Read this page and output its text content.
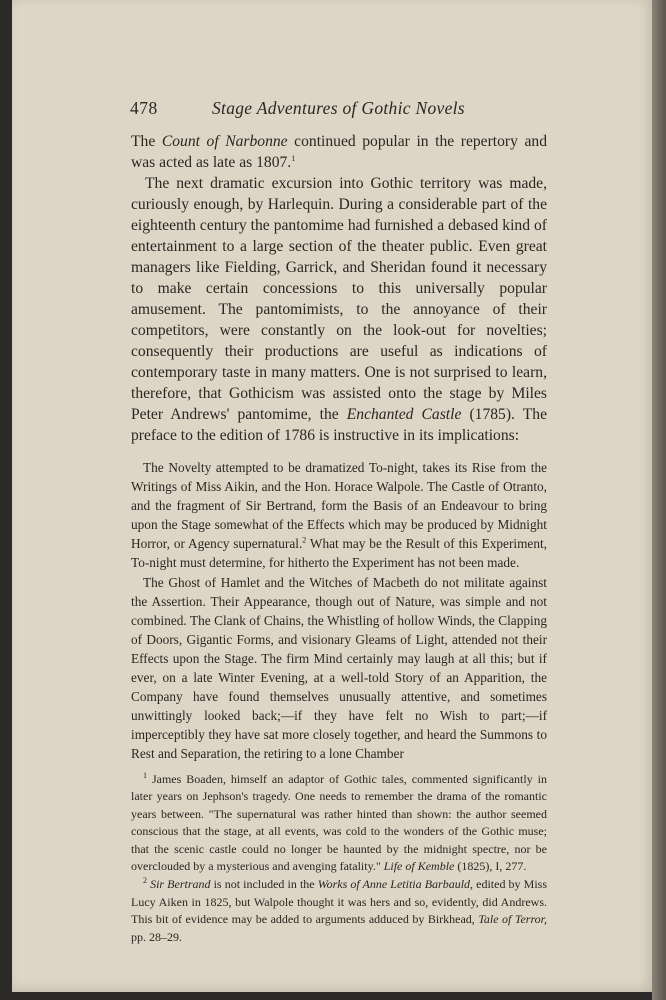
478	Stage Adventures of Gothic Novels

The Count of Narbonne continued popular in the repertory and was acted as late as 1807.$^1$

The next dramatic excursion into Gothic territory was made, curiously enough, by Harlequin. During a considerable part of the eighteenth century the pantomime had furnished a debased kind of entertainment to a large section of the theater public. Even great managers like Fielding, Garrick, and Sheridan found it necessary to make certain concessions to this universally popular amusement. The pantomimists, to the annoyance of their competitors, were constantly on the look-out for novelties; consequently their productions are useful as indications of contemporary taste in many matters. One is not surprised to learn, therefore, that Gothicism was assisted onto the stage by Miles Peter Andrews' pantomime, the Enchanted Castle (1785). The preface to the edition of 1786 is instructive in its implications:

The Novelty attempted to be dramatized To-night, takes its Rise from the Writings of Miss Aikin, and the Hon. Horace Walpole. The Castle of Otranto, and the fragment of Sir Bertrand, form the Basis of an Endeavour to bring upon the Stage somewhat of the Effects which may be produced by Midnight Horror, or Agency supernatural.$^2$ What may be the Result of this Experiment, To-night must determine, for hitherto the Experiment has not been made.

The Ghost of Hamlet and the Witches of Macbeth do not militate against the Assertion. Their Appearance, though out of Nature, was simple and not combined. The Clank of Chains, the Whistling of hollow Winds, the Clapping of Doors, Gigantic Forms, and visionary Gleams of Light, attended not their Effects upon the Stage. The firm Mind certainly may laugh at all this; but if ever, on a late Winter Evening, at a well-told Story of an Apparition, the Company have found themselves unusually attentive, and sometimes unwittingly looked back;—if they have felt no Wish to part;—if imperceptibly they have sat more closely together, and heard the Summons to Rest and Separation, the retiring to a lone Chamber

$^1$ James Boaden, himself an adaptor of Gothic tales, commented significantly in later years on Jephson's tragedy. One needs to remember the drama of the romantic years between. "The supernatural was rather hinted than shown: the author seemed conscious that the stage, at all events, was cold to the wonders of the Gothic muse; that the scenic castle could no longer be haunted by the midnight spectre, nor be overclouded by a mysterious and avenging fatality." Life of Kemble (1825), I, 277.

$^2$ Sir Bertrand is not included in the Works of Anne Letitia Barbauld, edited by Miss Lucy Aiken in 1825, but Walpole thought it was hers and so, evidently, did Andrews. This bit of evidence may be added to arguments adduced by Birkhead, Tale of Terror, pp. 28–29.
